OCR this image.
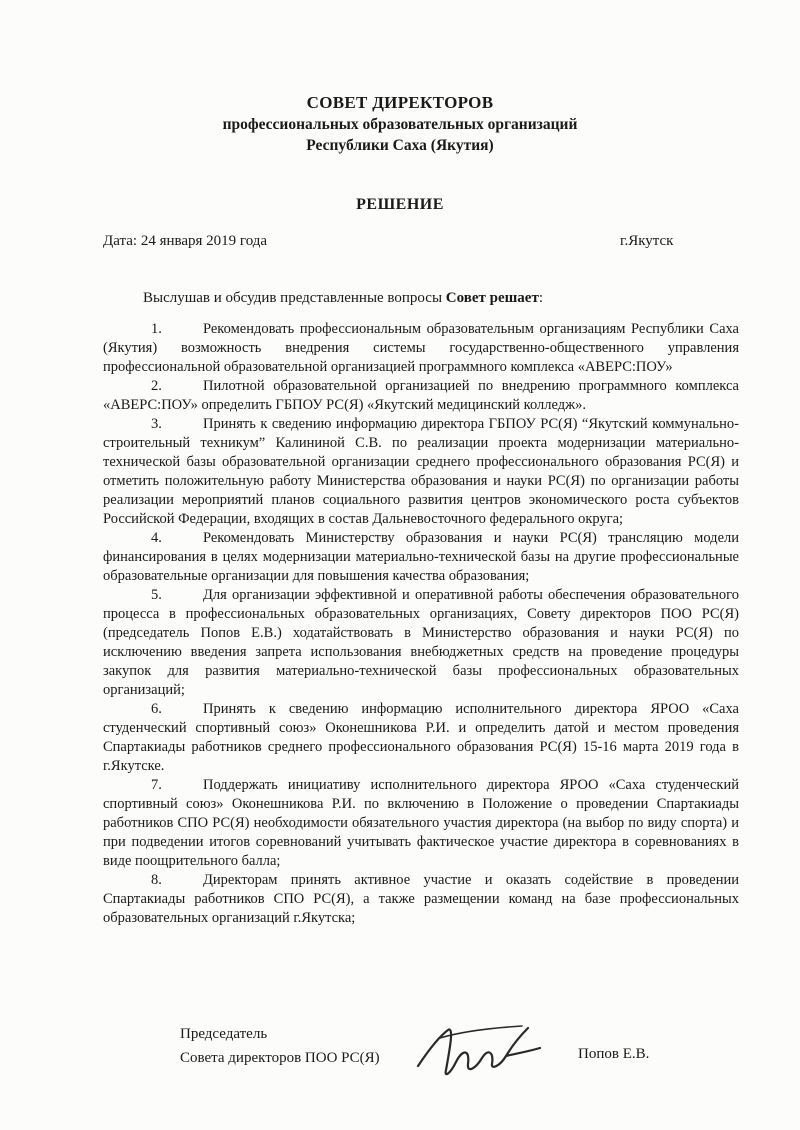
СОВЕТ ДИРЕКТОРОВ
профессиональных образовательных организаций
Республики Саха (Якутия)
РЕШЕНИЕ
Дата: 24 января 2019 года	г.Якутск
Выслушав и обсудив представленные вопросы Совет решает:

1.	Рекомендовать профессиональным образовательным организациям Республики Саха (Якутия) возможность внедрения системы государственно-общественного управления профессиональной образовательной организацией программного комплекса «АВЕРС:ПОУ»

2.	Пилотной образовательной организацией по внедрению программного комплекса «АВЕРС:ПОУ» определить ГБПОУ РС(Я) «Якутский медицинский колледж».

3.	Принять к сведению информацию директора ГБПОУ РС(Я) “Якутский коммунально-строительный техникум” Калининой С.В. по реализации проекта модернизации материально-технической базы образовательной организации среднего профессионального образования РС(Я) и отметить положительную работу Министерства образования и науки РС(Я) по организации работы реализации мероприятий планов социального развития центров экономического роста субъектов Российской Федерации, входящих в состав Дальневосточного федерального округа;

4.	Рекомендовать Министерству образования и науки РС(Я) трансляцию модели финансирования в целях модернизации материально-технической базы на другие профессиональные образовательные организации для повышения качества образования;

5.	Для организации эффективной и оперативной работы обеспечения образовательного процесса в профессиональных образовательных организациях, Совету директоров ПОО РС(Я) (председатель Попов Е.В.) ходатайствовать в Министерство образования и науки РС(Я) по исключению введения запрета использования внебюджетных средств на проведение процедуры закупок для развития материально-технической базы профессиональных образовательных организаций;

6.	Принять к сведению информацию исполнительного директора ЯРОО «Саха студенческий спортивный союз» Оконешникова Р.И. и определить датой и местом проведения Спартакиады работников среднего профессионального образования РС(Я) 15-16 марта 2019 года в г.Якутске.

7.	Поддержать инициативу исполнительного директора ЯРОО «Саха студенческий спортивный союз» Оконешникова Р.И. по включению в Положение о проведении Спартакиады работников СПО РС(Я) необходимости обязательного участия директора (на выбор по виду спорта) и при подведении итогов соревнований учитывать фактическое участие директора в соревнованиях в виде поощрительного балла;

8.	Директорам принять активное участие и оказать содействие в проведении Спартакиады работников СПО РС(Я), а также размещении команд на базе профессиональных образовательных организаций г.Якутска;

Председатель
Совета директоров ПОО РС(Я)	Попов Е.В.
